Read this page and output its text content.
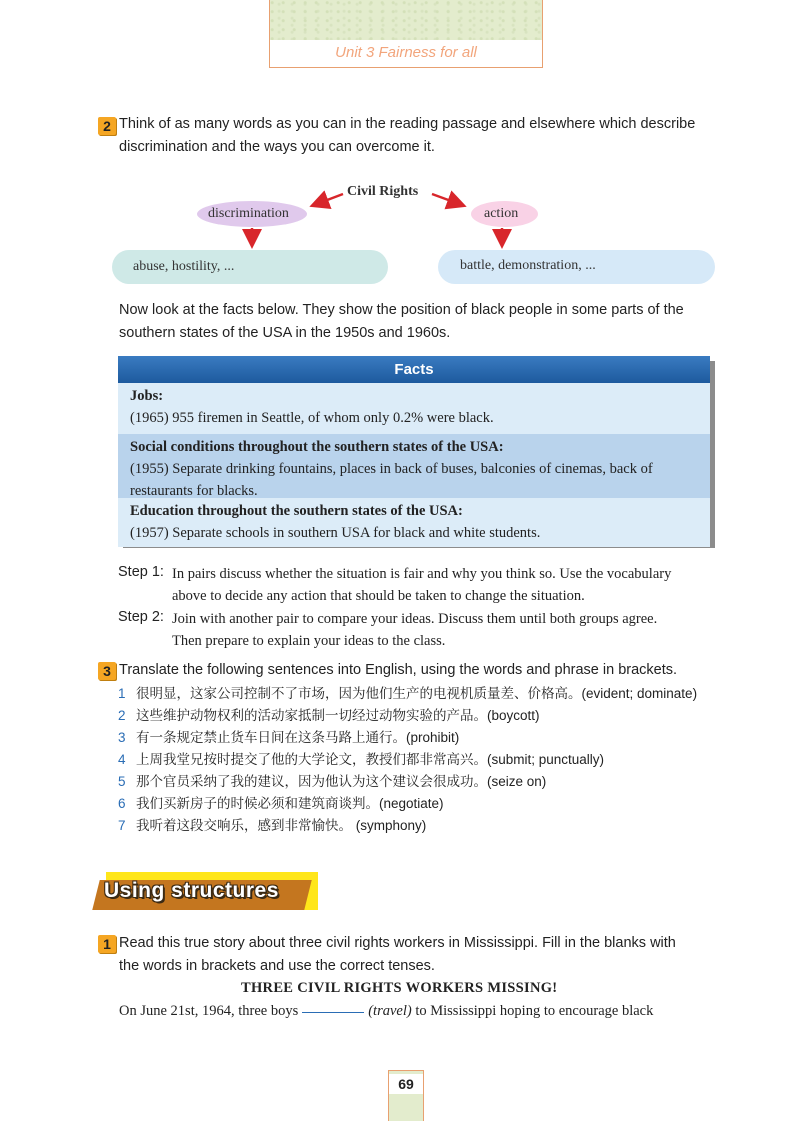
Unit 3 Fairness for all
2 Think of as many words as you can in the reading passage and elsewhere which describe
discrimination and the ways you can overcome it.
Civil Rights
discrimination	action
abuse, hostility, ...	battle, demonstration, ...
Now look at the facts below. They show the position of black people in some parts of the
southern states of the USA in the 1950s and 1960s.
Facts
Jobs:
(1965) 955 firemen in Seattle, of whom only 0.2% were black.
Social conditions throughout the southern states of the USA:
(1955) Separate drinking fountains, places in back of buses, balconies of cinemas, back of
restaurants for blacks.
Education throughout the southern states of the USA:
(1957) Separate schools in southern USA for black and white students.
Step 1: In pairs discuss whether the situation is fair and why you think so. Use the vocabulary
above to decide any action that should be taken to change the situation.
Step 2: Join with another pair to compare your ideas. Discuss them until both groups agree.
Then prepare to explain your ideas to the class.
3 Translate the following sentences into English, using the words and phrase in brackets.
1 很明显，这家公司控制不了市场，因为他们生产的电视机质量差、价格高。(evident; dominate)
2 这些维护动物权利的活动家抵制一切经过动物实验的产品。(boycott)
3 有一条规定禁止货车日间在这条马路上通行。(prohibit)
4 上周我堂兄按时提交了他的大学论文，教授们都非常高兴。(submit; punctually)
5 那个官员采纳了我的建议，因为他认为这个建议会很成功。(seize on)
6 我们买新房子的时候必须和建筑商谈判。(negotiate)
7 我听着这段交响乐，感到非常愉快。 (symphony)
Using structures
1 Read this true story about three civil rights workers in Mississippi. Fill in the blanks with
the words in brackets and use the correct tenses.
THREE CIVIL RIGHTS WORKERS MISSING!
On June 21st, 1964, three boys	(travel) to Mississippi hoping to encourage black
69
